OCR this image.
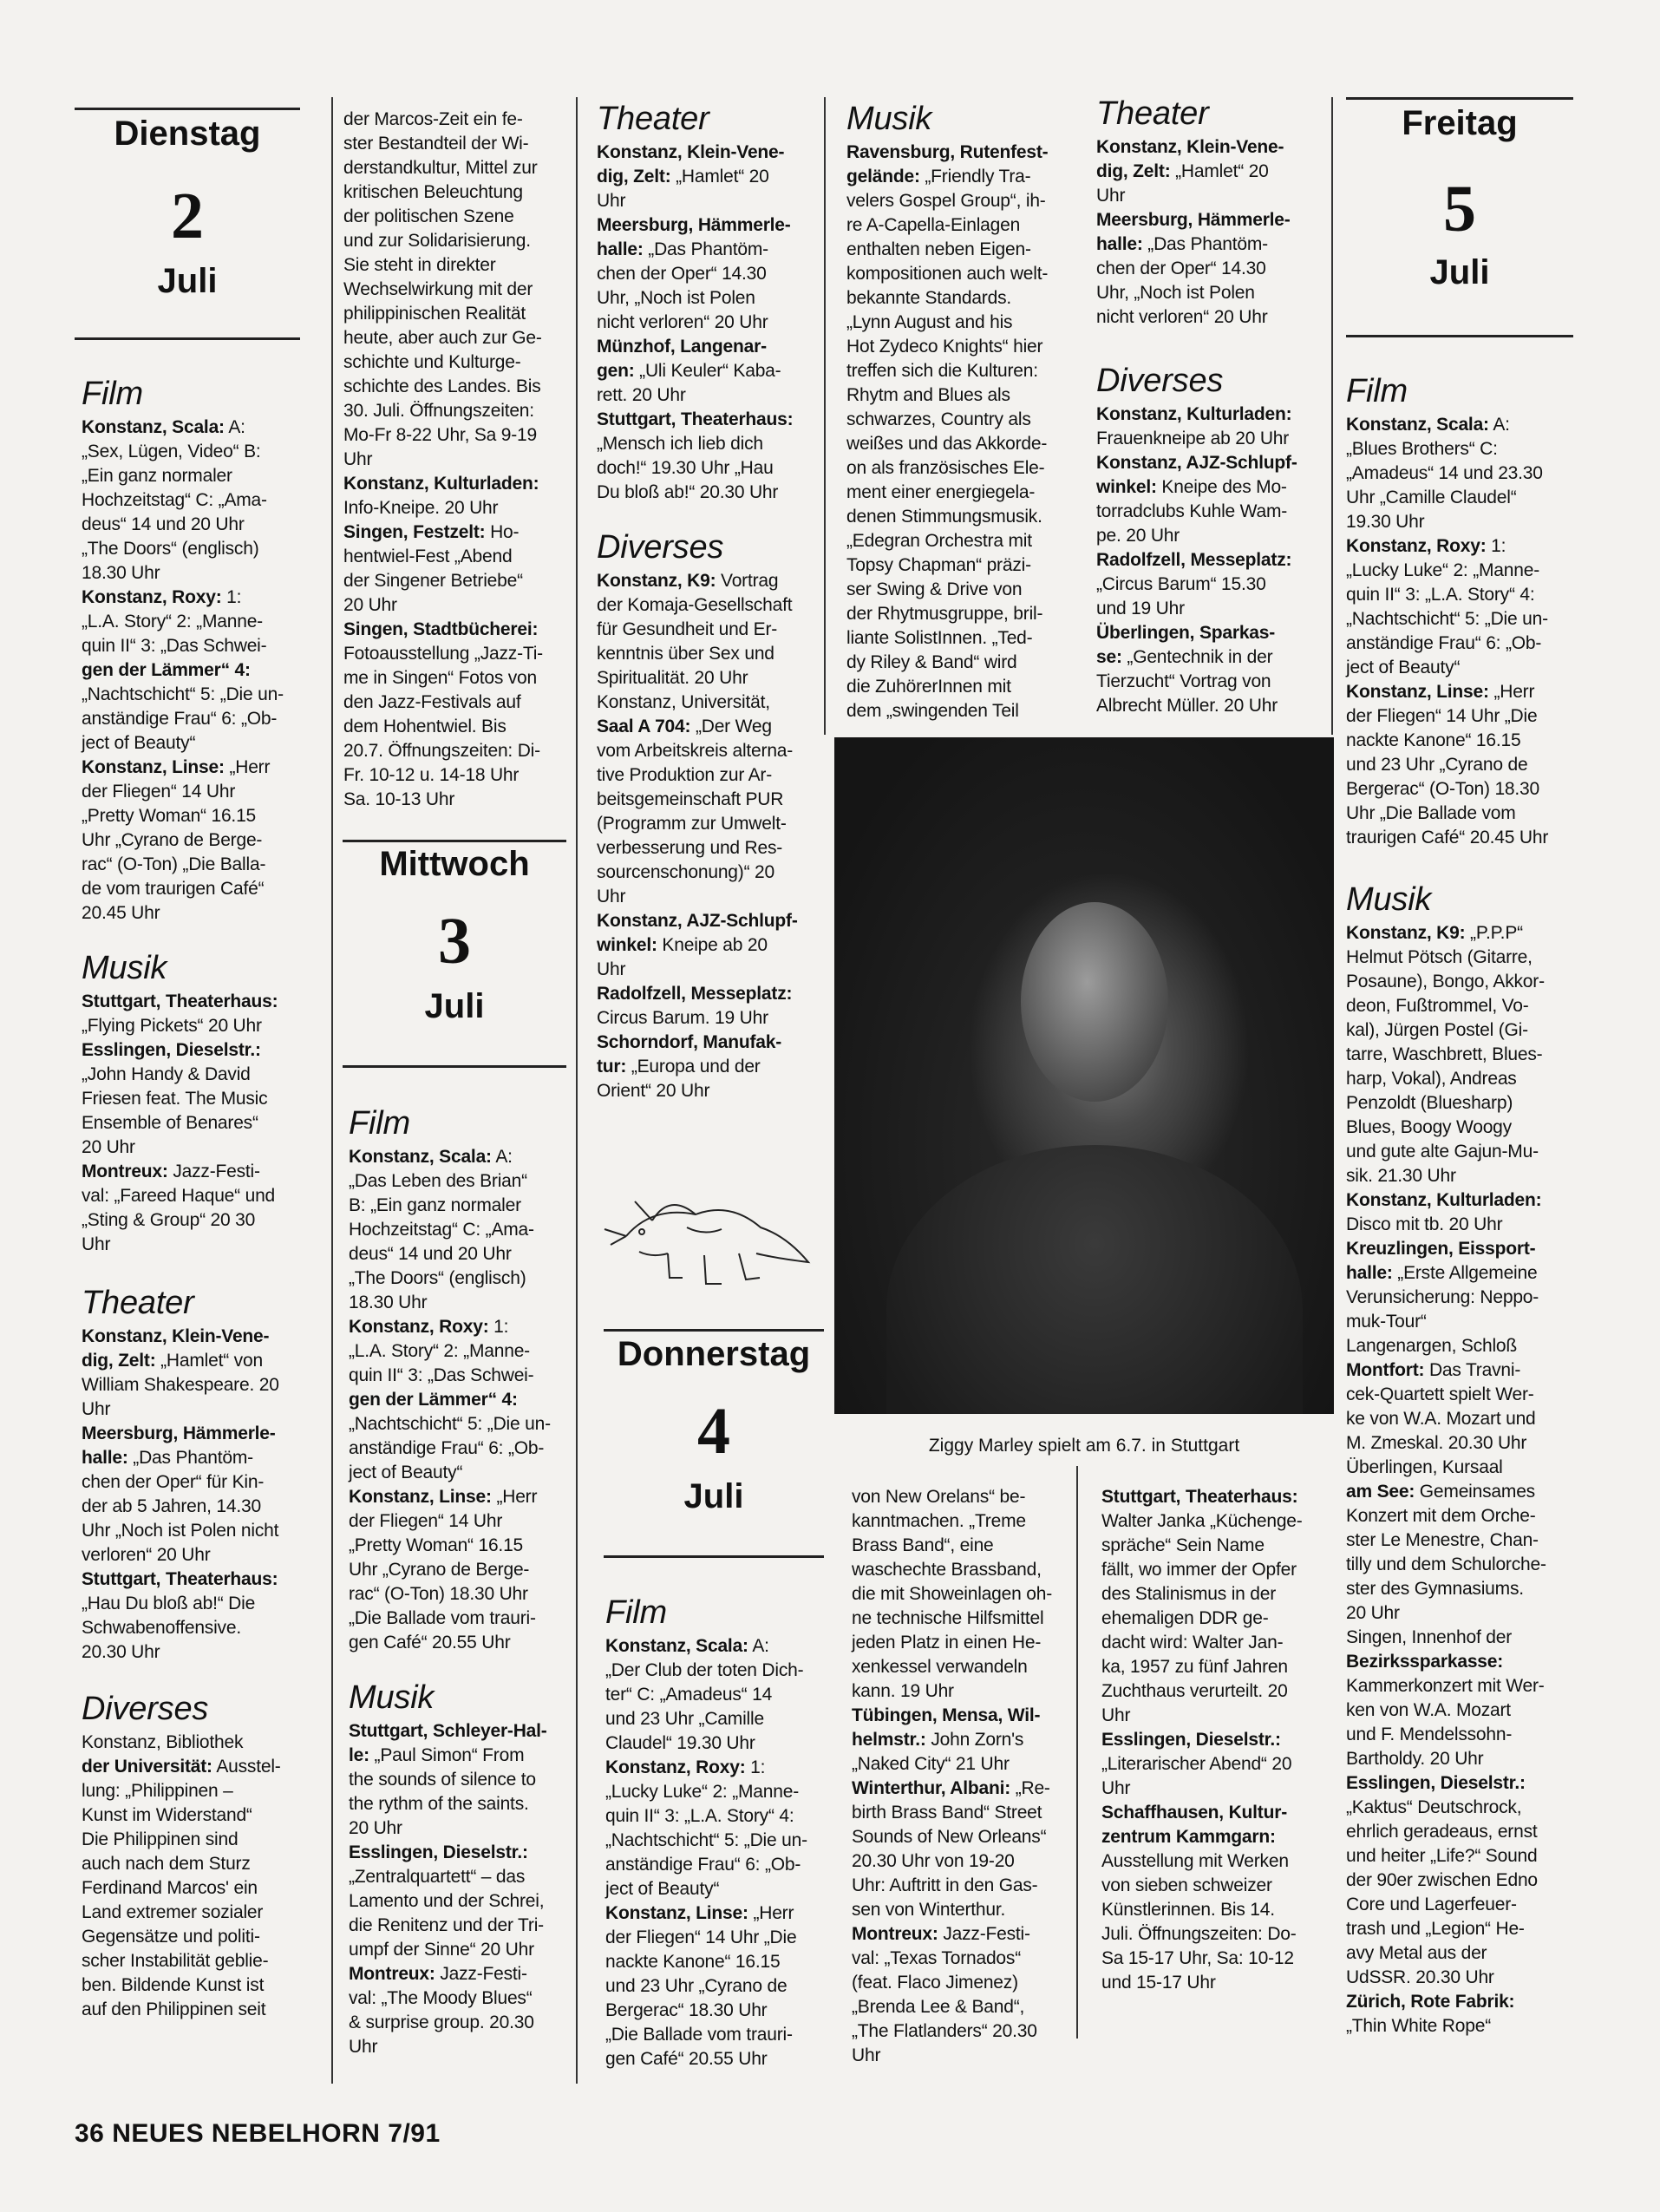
Dienstag
2
Juli
Film

Konstanz, Scala: A:
„Sex, Lügen, Video“ B:
„Ein ganz normaler
Hochzeitstag“ C: „Ama-
deus“ 14 und 20 Uhr
„The Doors“ (englisch)
18.30 Uhr
Konstanz, Roxy: 1:
„L.A. Story“ 2: „Manne-
quin II“ 3: „Das Schwei-
gen der Lämmer“ 4:
„Nachtschicht“ 5: „Die un-
anständige Frau“ 6: „Ob-
ject of Beauty“
Konstanz, Linse: „Herr
der Fliegen“ 14 Uhr
„Pretty Woman“ 16.15
Uhr „Cyrano de Berge-
rac“ (O-Ton) „Die Balla-
de vom traurigen Café“
20.45 Uhr

Musik

Stuttgart, Theaterhaus:
„Flying Pickets“ 20 Uhr
Esslingen, Dieselstr.:
„John Handy & David
Friesen feat. The Music
Ensemble of Benares“
20 Uhr
Montreux: Jazz-Festi-
val: „Fareed Haque“ und
„Sting & Group“ 20 30
Uhr

Theater

Konstanz, Klein-Vene-
dig, Zelt: „Hamlet“ von
William Shakespeare. 20
Uhr
Meersburg, Hämmerle-
halle: „Das Phantöm-
chen der Oper“ für Kin-
der ab 5 Jahren, 14.30
Uhr „Noch ist Polen nicht
verloren“ 20 Uhr
Stuttgart, Theaterhaus:
„Hau Du bloß ab!“ Die
Schwabenoffensive.
20.30 Uhr

Diverses

Konstanz, Bibliothek
der Universität: Ausstel-
lung: „Philippinen –
Kunst im Widerstand“
Die Philippinen sind
auch nach dem Sturz
Ferdinand Marcos' ein
Land extremer sozialer
Gegensätze und politi-
scher Instabilität geblie-
ben. Bildende Kunst ist
auf den Philippinen seit

der Marcos-Zeit ein fe-
ster Bestandteil der Wi-
derstandkultur, Mittel zur
kritischen Beleuchtung
der politischen Szene
und zur Solidarisierung.
Sie steht in direkter
Wechselwirkung mit der
philippinischen Realität
heute, aber auch zur Ge-
schichte und Kulturge-
schichte des Landes. Bis
30. Juli. Öffnungszeiten:
Mo-Fr 8-22 Uhr, Sa 9-19
Uhr
Konstanz, Kulturladen:
Info-Kneipe. 20 Uhr
Singen, Festzelt: Ho-
hentwiel-Fest „Abend
der Singener Betriebe“
20 Uhr
Singen, Stadtbücherei:
Fotoausstellung „Jazz-Ti-
me in Singen“ Fotos von
den Jazz-Festivals auf
dem Hohentwiel. Bis
20.7. Öffnungszeiten: Di-
Fr. 10-12 u. 14-18 Uhr
Sa. 10-13 Uhr

Mittwoch
3
Juli
Film

Konstanz, Scala: A:
„Das Leben des Brian“
B: „Ein ganz normaler
Hochzeitstag“ C: „Ama-
deus“ 14 und 20 Uhr
„The Doors“ (englisch)
18.30 Uhr
Konstanz, Roxy: 1:
„L.A. Story“ 2: „Manne-
quin II“ 3: „Das Schwei-
gen der Lämmer“ 4:
„Nachtschicht“ 5: „Die un-
anständige Frau“ 6: „Ob-
ject of Beauty“
Konstanz, Linse: „Herr
der Fliegen“ 14 Uhr
„Pretty Woman“ 16.15
Uhr „Cyrano de Berge-
rac“ (O-Ton) 18.30 Uhr
„Die Ballade vom trauri-
gen Café“ 20.55 Uhr

Musik

Stuttgart, Schleyer-Hal-
le: „Paul Simon“ From
the sounds of silence to
the rythm of the saints.
20 Uhr
Esslingen, Dieselstr.:
„Zentralquartett“ – das
Lamento und der Schrei,
die Renitenz und der Tri-
umpf der Sinne“ 20 Uhr
Montreux: Jazz-Festi-
val: „The Moody Blues“
& surprise group. 20.30
Uhr

Theater

Konstanz, Klein-Vene-
dig, Zelt: „Hamlet“ 20
Uhr
Meersburg, Hämmerle-
halle: „Das Phantöm-
chen der Oper“ 14.30
Uhr, „Noch ist Polen
nicht verloren“ 20 Uhr
Münzhof, Langenar-
gen: „Uli Keuler“ Kaba-
rett. 20 Uhr
Stuttgart, Theaterhaus:
„Mensch ich lieb dich
doch!“ 19.30 Uhr „Hau
Du bloß ab!“ 20.30 Uhr

Diverses

Konstanz, K9: Vortrag
der Komaja-Gesellschaft
für Gesundheit und Er-
kenntnis über Sex und
Spiritualität. 20 Uhr
Konstanz, Universität,
Saal A 704: „Der Weg
vom Arbeitskreis alterna-
tive Produktion zur Ar-
beitsgemeinschaft PUR
(Programm zur Umwelt-
verbesserung und Res-
sourcenschonung)“ 20
Uhr
Konstanz, AJZ-Schlupf-
winkel: Kneipe ab 20
Uhr
Radolfzell, Messeplatz:
Circus Barum. 19 Uhr
Schorndorf, Manufak-
tur: „Europa und der
Orient“ 20 Uhr

Donnerstag
4
Juli
Film

Konstanz, Scala: A:
„Der Club der toten Dich-
ter“ C: „Amadeus“ 14
und 23 Uhr „Camille
Claudel“ 19.30 Uhr
Konstanz, Roxy: 1:
„Lucky Luke“ 2: „Manne-
quin II“ 3: „L.A. Story“ 4:
„Nachtschicht“ 5: „Die un-
anständige Frau“ 6: „Ob-
ject of Beauty“
Konstanz, Linse: „Herr
der Fliegen“ 14 Uhr „Die
nackte Kanone“ 16.15
und 23 Uhr „Cyrano de
Bergerac“ 18.30 Uhr
„Die Ballade vom trauri-
gen Café“ 20.55 Uhr

Musik

Ravensburg, Rutenfest-
gelände: „Friendly Tra-
velers Gospel Group“, ih-
re A-Capella-Einlagen
enthalten neben Eigen-
kompositionen auch welt-
bekannte Standards.
„Lynn August and his
Hot Zydeco Knights“ hier
treffen sich die Kulturen:
Rhytm and Blues als
schwarzes, Country als
weißes und das Akkorde-
on als französisches Ele-
ment einer energiegela-
denen Stimmungsmusik.
„Edegran Orchestra mit
Topsy Chapman“ präzi-
ser Swing & Drive von
der Rhytmusgruppe, bril-
liante SolistInnen. „Ted-
dy Riley & Band“ wird
die ZuhörerInnen mit
dem „swingenden Teil

Ziggy Marley spielt am 6.7. in Stuttgart

von New Orelans“ be-
kanntmachen. „Treme
Brass Band“, eine
waschechte Brassband,
die mit Showeinlagen oh-
ne technische Hilfsmittel
jeden Platz in einen He-
xenkessel verwandeln
kann. 19 Uhr
Tübingen, Mensa, Wil-
helmstr.: John Zorn's
„Naked City“ 21 Uhr
Winterthur, Albani: „Re-
birth Brass Band“ Street
Sounds of New Orleans“
20.30 Uhr von 19-20
Uhr: Auftritt in den Gas-
sen von Winterthur.
Montreux: Jazz-Festi-
val: „Texas Tornados“
(feat. Flaco Jimenez)
„Brenda Lee & Band“,
„The Flatlanders“ 20.30
Uhr

Theater

Konstanz, Klein-Vene-
dig, Zelt: „Hamlet“ 20
Uhr
Meersburg, Hämmerle-
halle: „Das Phantöm-
chen der Oper“ 14.30
Uhr, „Noch ist Polen
nicht verloren“ 20 Uhr

Diverses

Konstanz, Kulturladen:
Frauenkneipe ab 20 Uhr
Konstanz, AJZ-Schlupf-
winkel: Kneipe des Mo-
torradclubs Kuhle Wam-
pe. 20 Uhr
Radolfzell, Messeplatz:
„Circus Barum“ 15.30
und 19 Uhr
Überlingen, Sparkas-
se: „Gentechnik in der
Tierzucht“ Vortrag von
Albrecht Müller. 20 Uhr

Stuttgart, Theaterhaus:
Walter Janka „Küchenge-
spräche“ Sein Name
fällt, wo immer der Opfer
des Stalinismus in der
ehemaligen DDR ge-
dacht wird: Walter Jan-
ka, 1957 zu fünf Jahren
Zuchthaus verurteilt. 20
Uhr
Esslingen, Dieselstr.:
„Literarischer Abend“ 20
Uhr
Schaffhausen, Kultur-
zentrum Kammgarn:
Ausstellung mit Werken
von sieben schweizer
Künstlerinnen. Bis 14.
Juli. Öffnungszeiten: Do-
Sa 15-17 Uhr, Sa: 10-12
und 15-17 Uhr

Freitag
5
Juli
Film

Konstanz, Scala: A:
„Blues Brothers“ C:
„Amadeus“ 14 und 23.30
Uhr „Camille Claudel“
19.30 Uhr
Konstanz, Roxy: 1:
„Lucky Luke“ 2: „Manne-
quin II“ 3: „L.A. Story“ 4:
„Nachtschicht“ 5: „Die un-
anständige Frau“ 6: „Ob-
ject of Beauty“
Konstanz, Linse: „Herr
der Fliegen“ 14 Uhr „Die
nackte Kanone“ 16.15
und 23 Uhr „Cyrano de
Bergerac“ (O-Ton) 18.30
Uhr „Die Ballade vom
traurigen Café“ 20.45 Uhr

Musik

Konstanz, K9: „P.P.P“
Helmut Pötsch (Gitarre,
Posaune), Bongo, Akkor-
deon, Fußtrommel, Vo-
kal), Jürgen Postel (Gi-
tarre, Waschbrett, Blues-
harp, Vokal), Andreas
Penzoldt (Bluesharp)
Blues, Boogy Woogy
und gute alte Gajun-Mu-
sik. 21.30 Uhr
Konstanz, Kulturladen:
Disco mit tb. 20 Uhr
Kreuzlingen, Eissport-
halle: „Erste Allgemeine
Verunsicherung: Neppo-
muk-Tour“
Langenargen, Schloß
Montfort: Das Travni-
cek-Quartett spielt Wer-
ke von W.A. Mozart und
M. Zmeskal. 20.30 Uhr
Überlingen, Kursaal
am See: Gemeinsames
Konzert mit dem Orche-
ster Le Menestre, Chan-
tilly und dem Schulorche-
ster des Gymnasiums.
20 Uhr
Singen, Innenhof der
Bezirkssparkasse:
Kammerkonzert mit Wer-
ken von W.A. Mozart
und F. Mendelssohn-
Bartholdy. 20 Uhr
Esslingen, Dieselstr.:
„Kaktus“ Deutschrock,
ehrlich geradeaus, ernst
und heiter „Life?“ Sound
der 90er zwischen Edno
Core und Lagerfeuer-
trash und „Legion“ He-
avy Metal aus der
UdSSR. 20.30 Uhr
Zürich, Rote Fabrik:
„Thin White Rope“

36 NEUES NEBELHORN 7/91
